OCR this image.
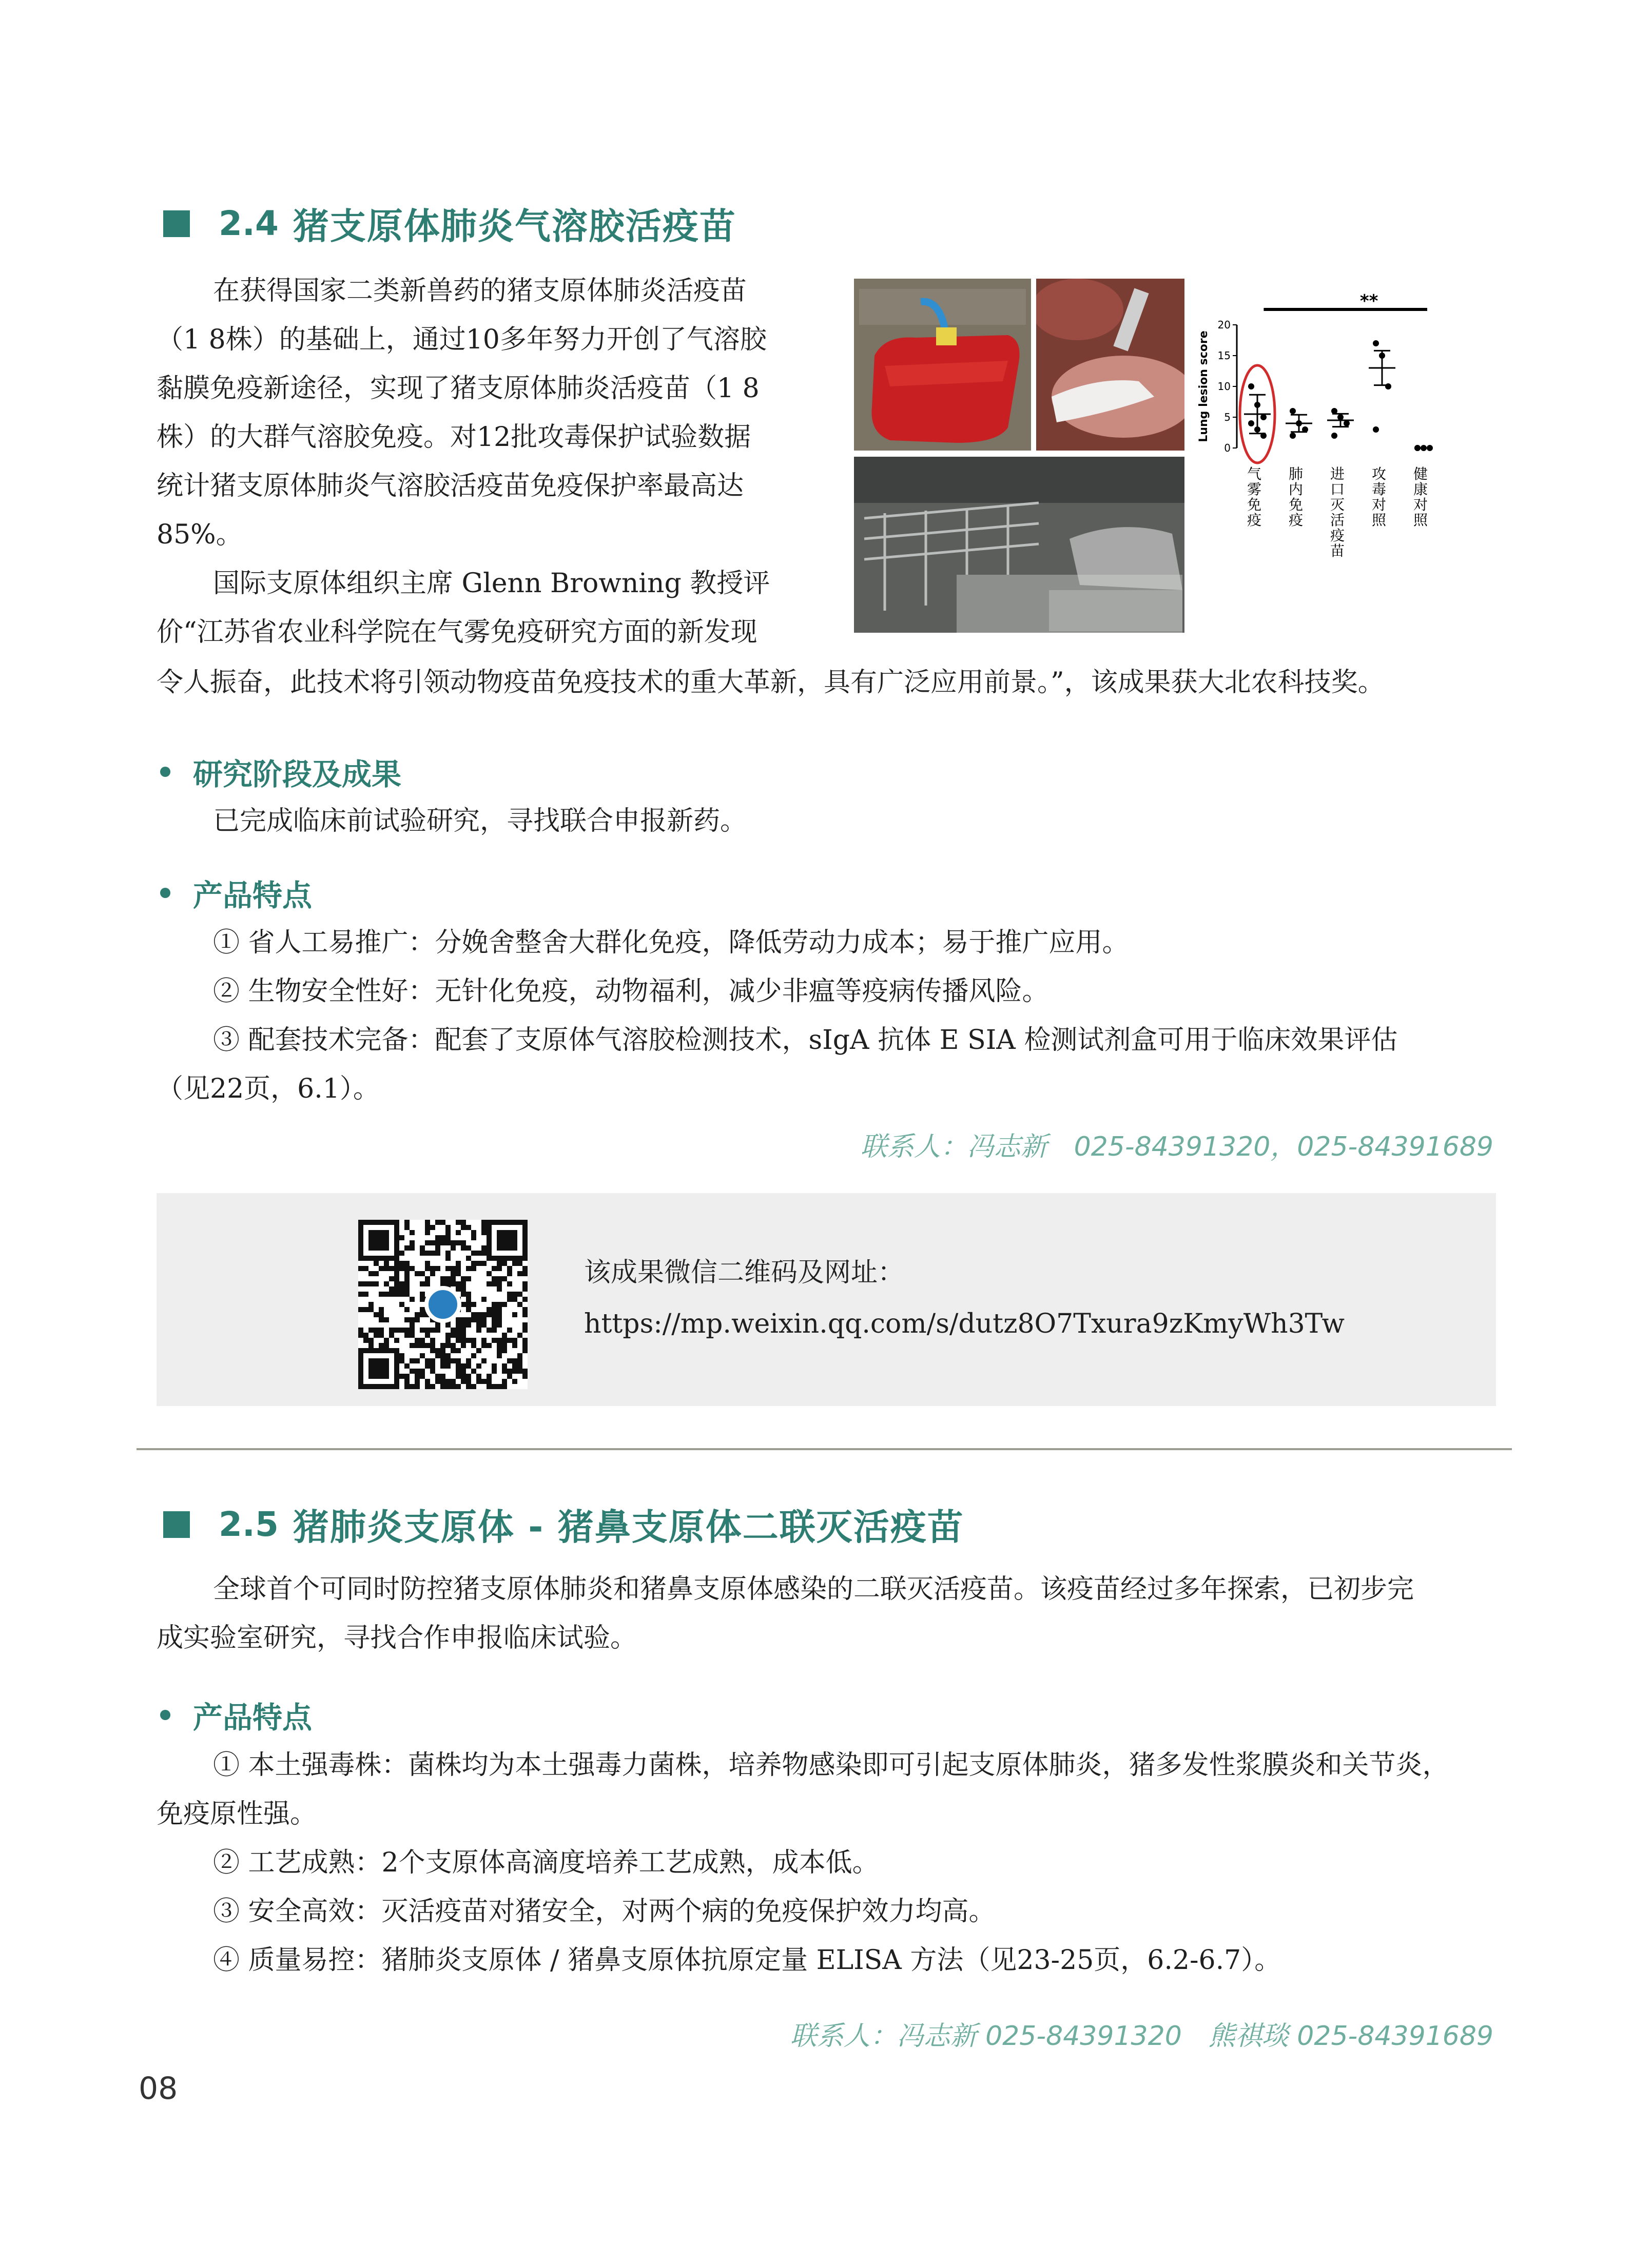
2.4 猪支原体肺炎气溶胶活疫苗
在获得国家二类新兽药的猪支原体肺炎活疫苗
（1 8株）的基础上，通过10多年努力开创了气溶胶
黏膜免疫新途径，实现了猪支原体肺炎活疫苗（1 8
株）的大群气溶胶免疫。对12批攻毒保护试验数据
统计猪支原体肺炎气溶胶活疫苗免疫保护率最高达
85%。
国际支原体组织主席 Glenn Browning 教授评
价“江苏省农业科学院在气雾免疫研究方面的新发现
令人振奋，此技术将引领动物疫苗免疫技术的重大革新，具有广泛应用前景。”，该成果获大北农科技奖。
Lung lesion score
0
5
10
15
20
**
气
雾
免
疫
肺
内
免
疫
进
口
灭
活
疫
苗
攻
毒
对
照
健
康
对
照
研究阶段及成果
已完成临床前试验研究，寻找联合申报新药。
产品特点
① 省人工易推广：分娩舍整舍大群化免疫，降低劳动力成本；易于推广应用。
② 生物安全性好：无针化免疫，动物福利，减少非瘟等疫病传播风险。
③ 配套技术完备：配套了支原体气溶胶检测技术，sIgA 抗体 E SIA 检测试剂盒可用于临床效果评估
（见22页，6.1）。
联系人：冯志新　025-84391320，025-84391689
该成果微信二维码及网址：
https://mp.weixin.qq.com/s/dutz8O7Txura9zKmyWh3Tw
2.5 猪肺炎支原体 - 猪鼻支原体二联灭活疫苗
全球首个可同时防控猪支原体肺炎和猪鼻支原体感染的二联灭活疫苗。该疫苗经过多年探索，已初步完
成实验室研究，寻找合作申报临床试验。
产品特点
① 本土强毒株：菌株均为本土强毒力菌株，培养物感染即可引起支原体肺炎，猪多发性浆膜炎和关节炎，
免疫原性强。
② 工艺成熟：2个支原体高滴度培养工艺成熟，成本低。
③ 安全高效：灭活疫苗对猪安全，对两个病的免疫保护效力均高。
④ 质量易控：猪肺炎支原体 / 猪鼻支原体抗原定量 ELISA 方法（见23-25页，6.2-6.7）。
联系人：冯志新 025-84391320　熊祺琰 025-84391689
08
